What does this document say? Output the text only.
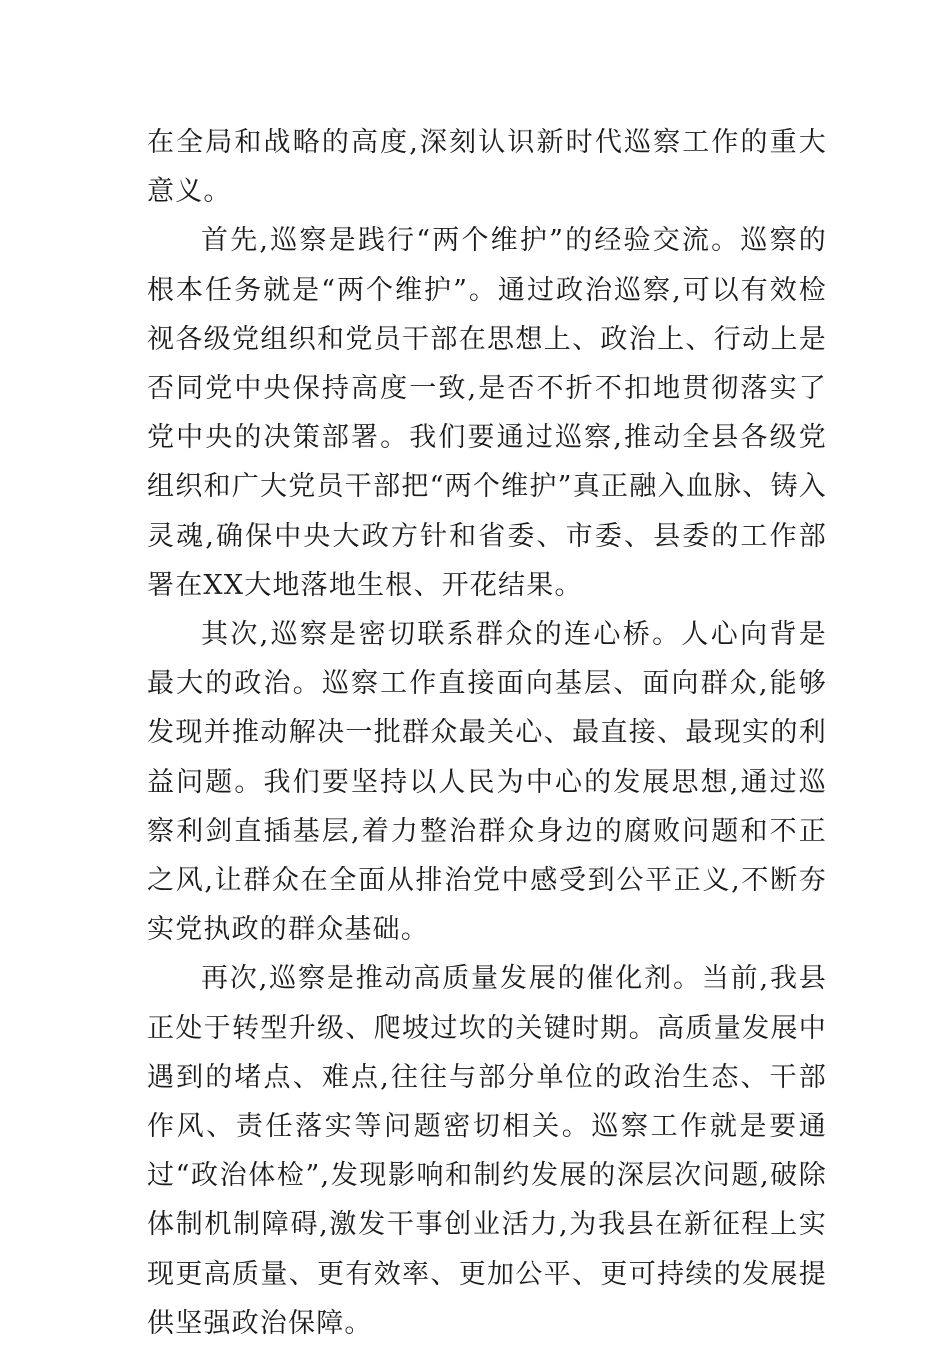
在全局和战略的高度,深刻认识新时代巡察工作的重大意义。

首先,巡察是践行“两个维护”的经验交流。巡察的根本任务就是“两个维护”。通过政治巡察,可以有效检视各级党组织和党员干部在思想上、政治上、行动上是否同党中央保持高度一致,是否不折不扣地贯彻落实了党中央的决策部署。我们要通过巡察,推动全县各级党组织和广大党员干部把“两个维护”真正融入血脉、铸入灵魂,确保中央大政方针和省委、市委、县委的工作部署在XX大地落地生根、开花结果。

其次,巡察是密切联系群众的连心桥。人心向背是最大的政治。巡察工作直接面向基层、面向群众,能够发现并推动解决一批群众最关心、最直接、最现实的利益问题。我们要坚持以人民为中心的发展思想,通过巡察利剑直插基层,着力整治群众身边的腐败问题和不正之风,让群众在全面从排治党中感受到公平正义,不断夯实党执政的群众基础。

再次,巡察是推动高质量发展的催化剂。当前,我县正处于转型升级、爬坡过坎的关键时期。高质量发展中遇到的堵点、难点,往往与部分单位的政治生态、干部作风、责任落实等问题密切相关。巡察工作就是要通过“政治体检”,发现影响和制约发展的深层次问题,破除体制机制障碍,激发干事创业活力,为我县在新征程上实现更高质量、更有效率、更加公平、更可持续的发展提供坚强政治保障。
